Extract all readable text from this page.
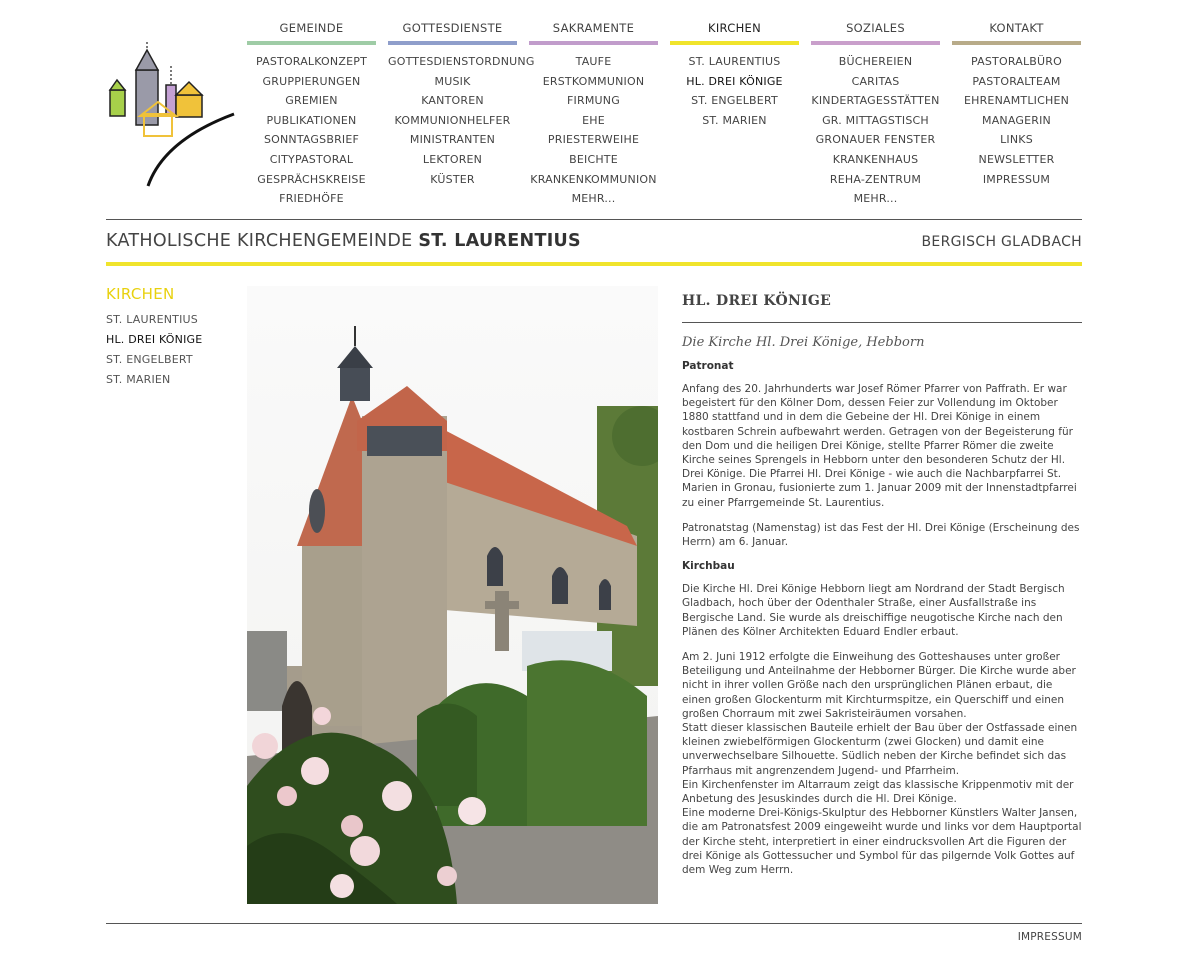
GEMEINDE
PASTORALKONZEPT
GRUPPIERUNGEN
GREMIEN
PUBLIKATIONEN
SONNTAGSBRIEF
CITYPASTORAL
GESPRÄCHSKREISE
FRIEDHÖFE
GOTTESDIENSTE
GOTTESDIENSTORDNUNG
MUSIK
KANTOREN
KOMMUNIONHELFER
MINISTRANTEN
LEKTOREN
KÜSTER
SAKRAMENTE
TAUFE
ERSTKOMMUNION
FIRMUNG
EHE
PRIESTERWEIHE
BEICHTE
KRANKENKOMMUNION
MEHR...
KIRCHEN
ST. LAURENTIUS
HL. DREI KÖNIGE
ST. ENGELBERT
ST. MARIEN
SOZIALES
BÜCHEREIEN
CARITAS
KINDERTAGESSTÄTTEN
GR. MITTAGSTISCH
GRONAUER FENSTER
KRANKENHAUS
REHA-ZENTRUM
MEHR...
KONTAKT
PASTORALBÜRO
PASTORALTEAM
EHRENAMTLICHEN
MANAGERIN
LINKS
NEWSLETTER
IMPRESSUM
KATHOLISCHE KIRCHENGEMEINDE ST. LAURENTIUS	BERGISCH GLADBACH
KIRCHEN
ST. LAURENTIUS
HL. DREI KÖNIGE
ST. ENGELBERT
ST. MARIEN
HL. DREI KÖNIGE
Die Kirche Hl. Drei Könige, Hebborn
Patronat

Anfang des 20. Jahrhunderts war Josef Römer Pfarrer von Paffrath. Er war begeistert für den Kölner Dom, dessen Feier zur Vollendung im Oktober 1880 stattfand und in dem die Gebeine der Hl. Drei Könige in einem kostbaren Schrein aufbewahrt werden. Getragen von der Begeisterung für den Dom und die heiligen Drei Könige, stellte Pfarrer Römer die zweite Kirche seines Sprengels in Hebborn unter den besonderen Schutz der Hl. Drei Könige. Die Pfarrei Hl. Drei Könige - wie auch die Nachbarpfarrei St. Marien in Gronau, fusionierte zum 1. Januar 2009 mit der Innenstadtpfarrei zu einer Pfarrgemeinde St. Laurentius.

Patronatstag (Namenstag) ist das Fest der Hl. Drei Könige (Erscheinung des Herrn) am 6. Januar.

Kirchbau

Die Kirche Hl. Drei Könige Hebborn liegt am Nordrand der Stadt Bergisch Gladbach, hoch über der Odenthaler Straße, einer Ausfallstraße ins Bergische Land. Sie wurde als dreischiffige neugotische Kirche nach den Plänen des Kölner Architekten Eduard Endler erbaut.

Am 2. Juni 1912 erfolgte die Einweihung des Gotteshauses unter großer Beteiligung und Anteilnahme der Hebborner Bürger. Die Kirche wurde aber nicht in ihrer vollen Größe nach den ursprünglichen Plänen erbaut, die einen großen Glockenturm mit Kirchturmspitze, ein Querschiff und einen großen Chorraum mit zwei Sakristeiräumen vorsahen.
Statt dieser klassischen Bauteile erhielt der Bau über der Ostfassade einen kleinen zwiebelförmigen Glockenturm (zwei Glocken) und damit eine unverwechselbare Silhouette. Südlich neben der Kirche befindet sich das Pfarrhaus mit angrenzendem Jugend- und Pfarrheim.
Ein Kirchenfenster im Altarraum zeigt das klassische Krippenmotiv mit der Anbetung des Jesuskindes durch die Hl. Drei Könige.
Eine moderne Drei-Königs-Skulptur des Hebborner Künstlers Walter Jansen, die am Patronatsfest 2009 eingeweiht wurde und links vor dem Hauptportal der Kirche steht, interpretiert in einer eindrucksvollen Art die Figuren der drei Könige als Gottessucher und Symbol für das pilgernde Volk Gottes auf dem Weg zum Herrn.

IMPRESSUM
